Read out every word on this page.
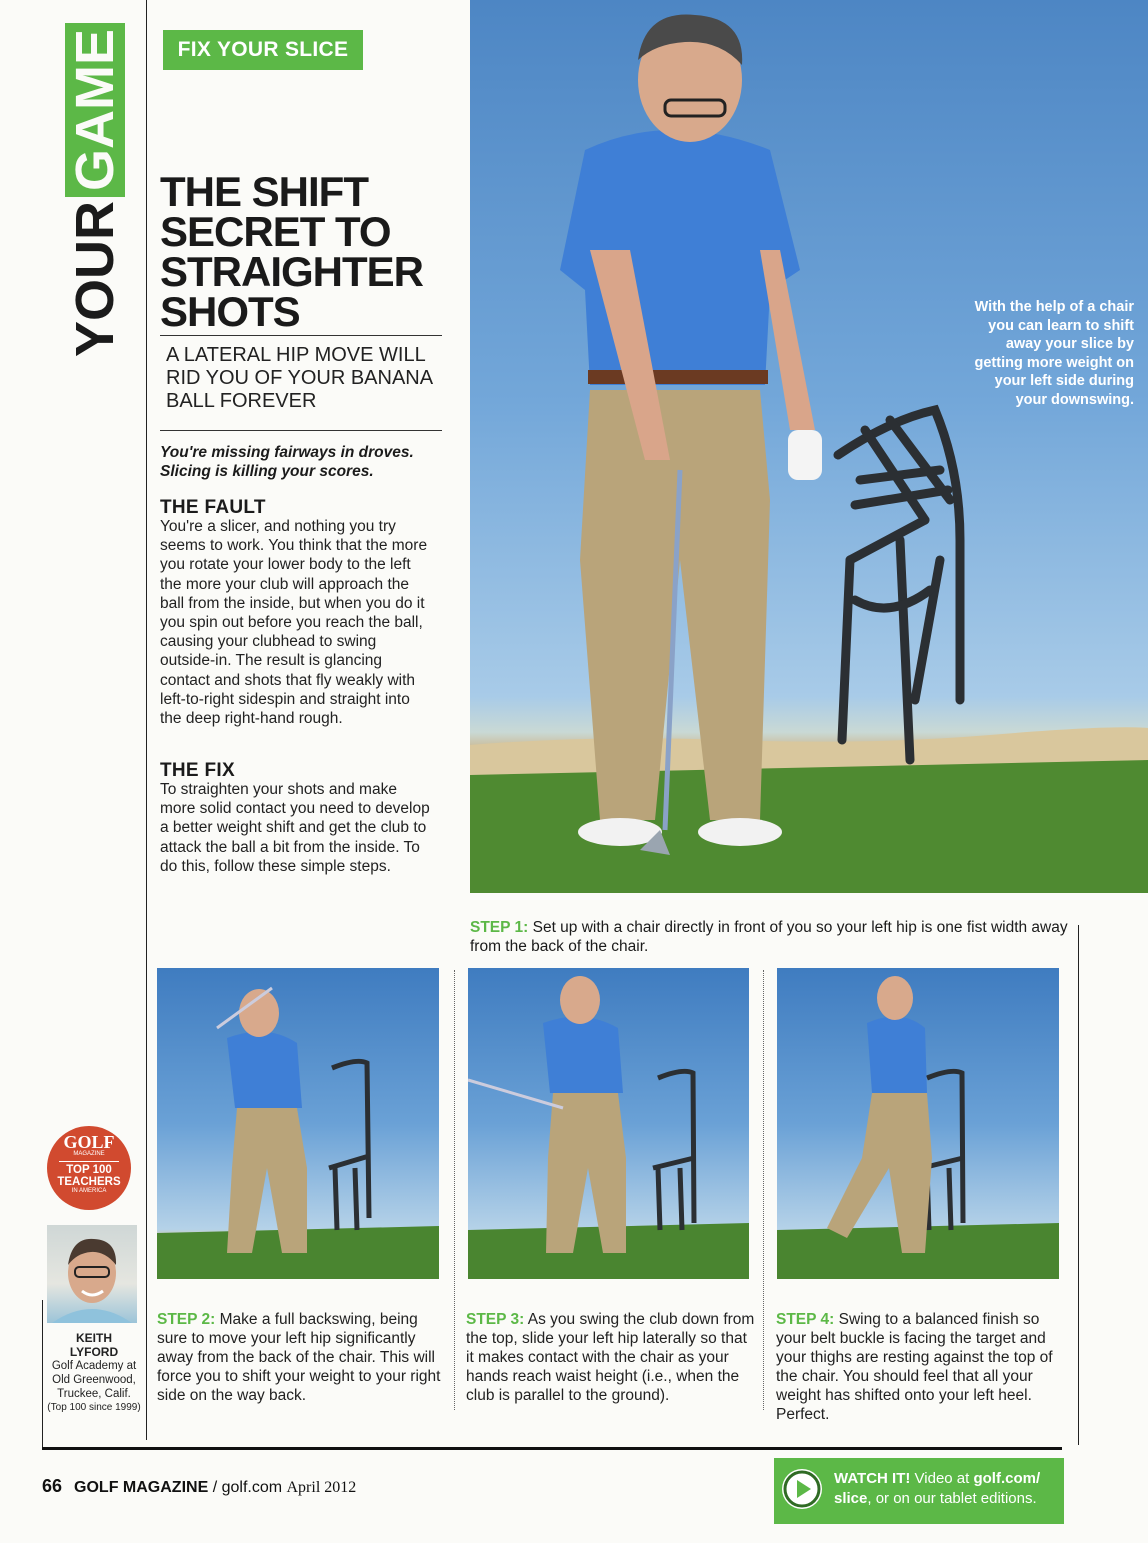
FIX YOUR SLICE
YOURGAME
THE SHIFT SECRET TO STRAIGHTER SHOTS
A LATERAL HIP MOVE WILL RID YOU OF YOUR BANANA BALL FOREVER
You're missing fairways in droves. Slicing is killing your scores.
THE FAULT
You're a slicer, and nothing you try seems to work. You think that the more you rotate your lower body to the left the more your club will approach the ball from the inside, but when you do it you spin out before you reach the ball, causing your clubhead to swing outside-in. The result is glancing contact and shots that fly weakly with left-to-right sidespin and straight into the deep right-hand rough.
THE FIX
To straighten your shots and make more solid contact you need to develop a better weight shift and get the club to attack the ball a bit from the inside. To do this, follow these simple steps.
With the help of a chair you can learn to shift away your slice by getting more weight on your left side during your downswing.
STEP 1: Set up with a chair directly in front of you so your left hip is one fist width away from the back of the chair.
STEP 2: Make a full backswing, being sure to move your left hip significantly away from the back of the chair. This will force you to shift your weight to your right side on the way back.
STEP 3: As you swing the club down from the top, slide your left hip laterally so that it makes contact with the chair as your hands reach waist height (i.e., when the club is parallel to the ground).
STEP 4: Swing to a balanced finish so your belt buckle is facing the target and your thighs are resting against the top of the chair. You should feel that all your weight has shifted onto your left heel. Perfect.
GOLF
MAGAZINE
TOP 100
TEACHERS
IN AMERICA
KEITH
LYFORD
Golf Academy at
Old Greenwood,
Truckee, Calif.
(Top 100 since 1999)
66 GOLF MAGAZINE / golf.com April 2012
WATCH IT! Video at golf.com/
slice, or on our tablet editions.
